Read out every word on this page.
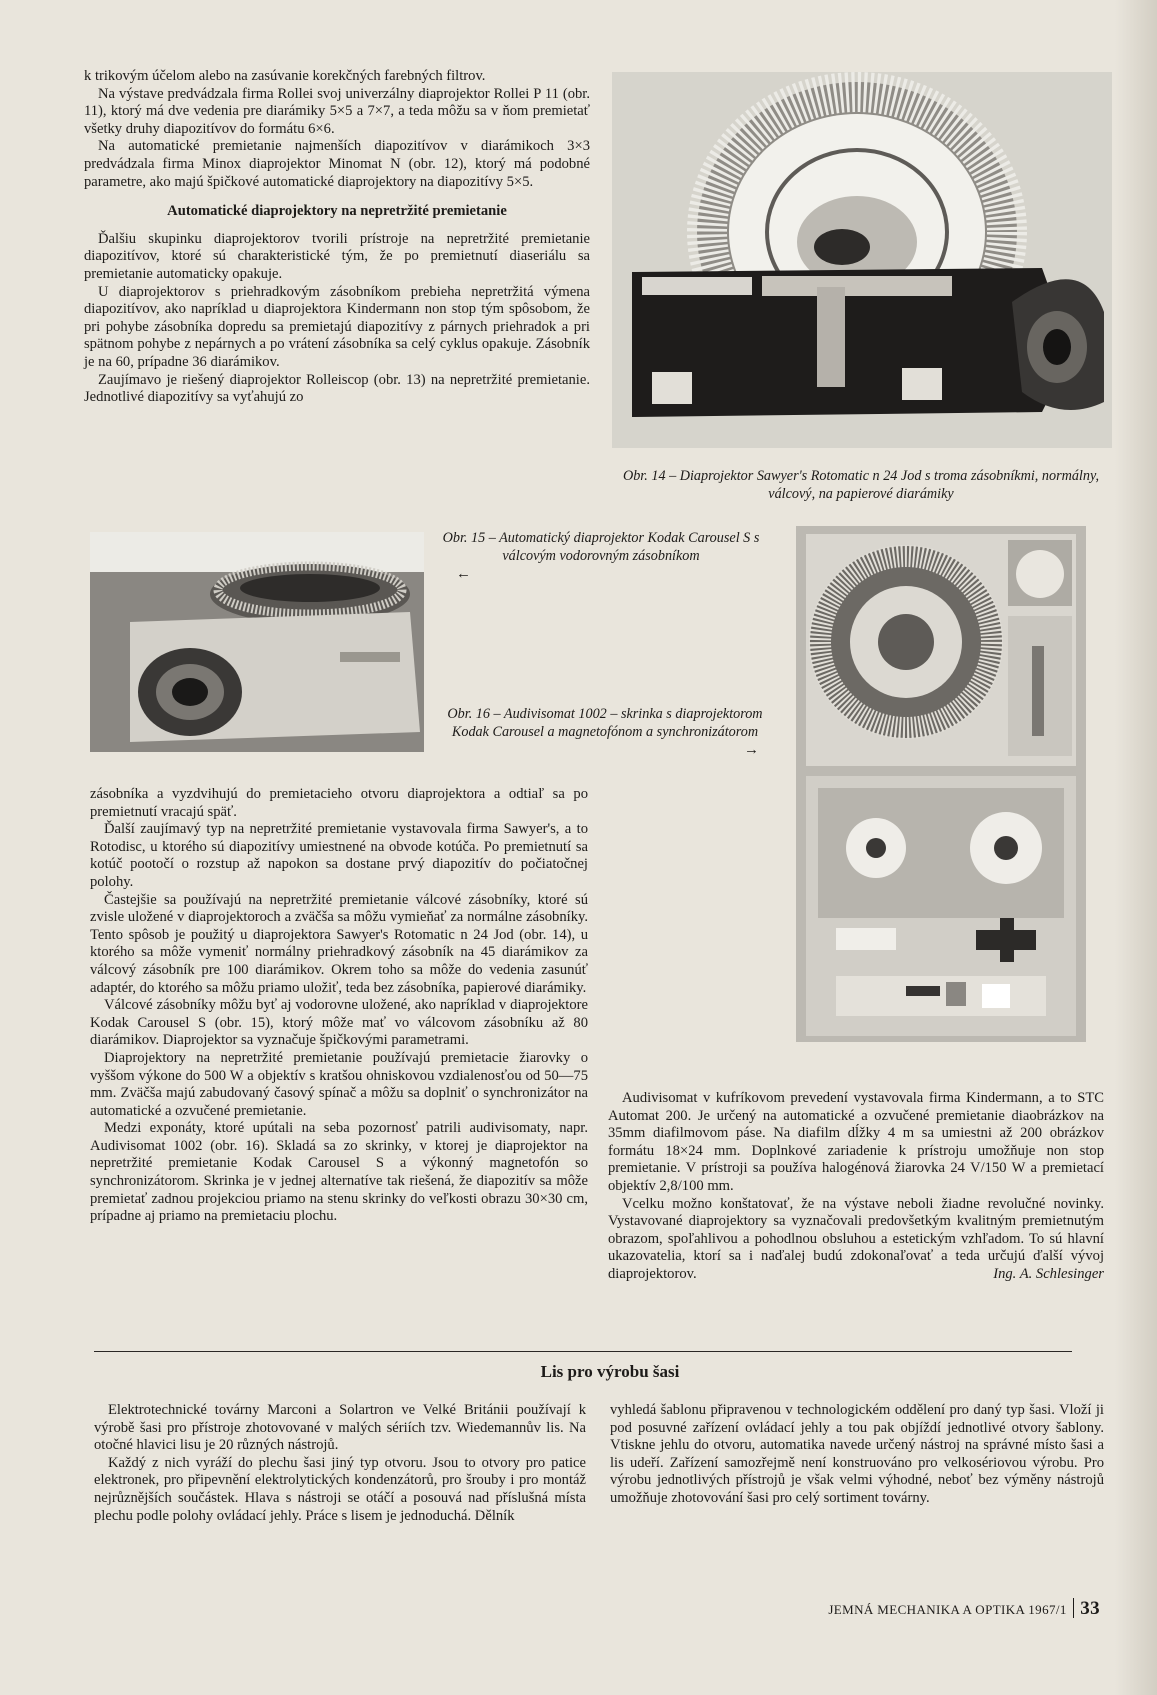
k trikovým účelom alebo na zasúvanie korekčných farebných filtrov.

Na výstave predvádzala firma Rollei svoj univerzálny diaprojektor Rollei P 11 (obr. 11), ktorý má dve vedenia pre diarámiky 5×5 a 7×7, a teda môžu sa v ňom premietať všetky druhy diapozitívov do formátu 6×6.

Na automatické premietanie najmenších diapozitívov v diarámikoch 3×3 predvádzala firma Minox diaprojektor Minomat N (obr. 12), ktorý má podobné parametre, ako majú špičkové automatické diaprojektory na diapozitívy 5×5.

Automatické diaprojektory na nepretržité premietanie

Ďalšiu skupinku diaprojektorov tvorili prístroje na nepretržité premietanie diapozitívov, ktoré sú charakteristické tým, že po premietnutí diaseriálu sa premietanie automaticky opakuje.

U diaprojektorov s priehradkovým zásobníkom prebieha nepretržitá výmena diapozitívov, ako napríklad u diaprojektora Kindermann non stop tým spôsobom, že pri pohybe zásobníka dopredu sa premietajú diapozitívy z párnych priehradok a pri spätnom pohybe z nepárnych a po vrátení zásobníka sa celý cyklus opakuje. Zásobník je na 60, prípadne 36 diarámikov.

Zaujímavo je riešený diaprojektor Rolleiscop (obr. 13) na nepretržité premietanie. Jednotlivé diapozitívy sa vyťahujú zo

Obr. 14 – Diaprojektor Sawyer's Rotomatic n 24 Jod s troma zásobníkmi, normálny, válcový, na papierové diarámiky
Obr. 15 – Automatický diaprojektor Kodak Carousel S s válcovým vodorovným zásobníkom
←
Obr. 16 – Audivisomat 1002 – skrinka s diaprojektorom Kodak Carousel a magnetofónom a synchronizátorom
→

zásobníka a vyzdvihujú do premietacieho otvoru diaprojektora a odtiaľ sa po premietnutí vracajú späť.

Ďalší zaujímavý typ na nepretržité premietanie vystavovala firma Sawyer's, a to Rotodisc, u ktorého sú diapozitívy umiestnené na obvode kotúča. Po premietnutí sa kotúč pootočí o rozstup až napokon sa dostane prvý diapozitív do počiatočnej polohy.

Častejšie sa používajú na nepretržité premietanie válcové zásobníky, ktoré sú zvisle uložené v diaprojektoroch a zväčša sa môžu vymieňať za normálne zásobníky. Tento spôsob je použitý u diaprojektora Sawyer's Rotomatic n 24 Jod (obr. 14), u ktorého sa môže vymeniť normálny priehradkový zásobník na 45 diarámikov za válcový zásobník pre 100 diarámikov. Okrem toho sa môže do vedenia zasunúť adaptér, do ktorého sa môžu priamo uložiť, teda bez zásobníka, papierové diarámiky.

Válcové zásobníky môžu byť aj vodorovne uložené, ako napríklad v diaprojektore Kodak Carousel S (obr. 15), ktorý môže mať vo válcovom zásobníku až 80 diarámikov. Diaprojektor sa vyznačuje špičkovými parametrami.

Diaprojektory na nepretržité premietanie používajú premietacie žiarovky o vyššom výkone do 500 W a objektív s kratšou ohniskovou vzdialenosťou od 50—75 mm. Zväčša majú zabudovaný časový spínač a môžu sa doplniť o synchronizátor na automatické a ozvučené premietanie.

Medzi exponáty, ktoré upútali na seba pozornosť patrili audivisomaty, napr. Audivisomat 1002 (obr. 16). Skladá sa zo skrinky, v ktorej je diaprojektor na nepretržité premietanie Kodak Carousel S a výkonný magnetofón so synchronizátorom. Skrinka je v jednej alternatíve tak riešená, že diapozitív sa môže premietať zadnou projekciou priamo na stenu skrinky do veľkosti obrazu 30×30 cm, prípadne aj priamo na premietaciu plochu.

Audivisomat v kufríkovom prevedení vystavovala firma Kindermann, a to STC Automat 200. Je určený na automatické a ozvučené premietanie diaobrázkov na 35mm diafilmovom páse. Na diafilm dĺžky 4 m sa umiestni až 200 obrázkov formátu 18×24 mm. Doplnkové zariadenie k prístroju umožňuje non stop premietanie. V prístroji sa používa halogénová žiarovka 24 V/150 W a premietací objektív 2,8/100 mm.

Vcelku možno konštatovať, že na výstave neboli žiadne revolučné novinky. Vystavované diaprojektory sa vyznačovali predovšetkým kvalitným premietnutým obrazom, spoľahlivou a pohodlnou obsluhou a estetickým vzhľadom. To sú hlavní ukazovatelia, ktorí sa i naďalej budú zdokonaľovať a teda určujú ďalší vývoj diaprojektorov.	Ing. A. Schlesinger
Lis pro výrobu šasi

Elektrotechnické továrny Marconi a Solartron ve Velké Británii používají k výrobě šasi pro přístroje zhotovované v malých sériích tzv. Wiedemannův lis. Na otočné hlavici lisu je 20 různých nástrojů.

Každý z nich vyráží do plechu šasi jiný typ otvoru. Jsou to otvory pro patice elektronek, pro připevnění elektrolytických kondenzátorů, pro šrouby i pro montáž nejrůznějších součástek. Hlava s nástroji se otáčí a posouvá nad příslušná místa plechu podle polohy ovládací jehly. Práce s lisem je jednoduchá. Dělník

vyhledá šablonu připravenou v technologickém oddělení pro daný typ šasi. Vloží ji pod posuvné zařízení ovládací jehly a tou pak objíždí jednotlivé otvory šablony. Vtiskne jehlu do otvoru, automatika navede určený nástroj na správné místo šasi a lis udeří. Zařízení samozřejmě není konstruováno pro velkosériovou výrobu. Pro výrobu jednotlivých přístrojů je však velmi výhodné, neboť bez výměny nástrojů umožňuje zhotovování šasi pro celý sortiment továrny.

JEMNÁ MECHANIKA A OPTIKA 1967/1 33
